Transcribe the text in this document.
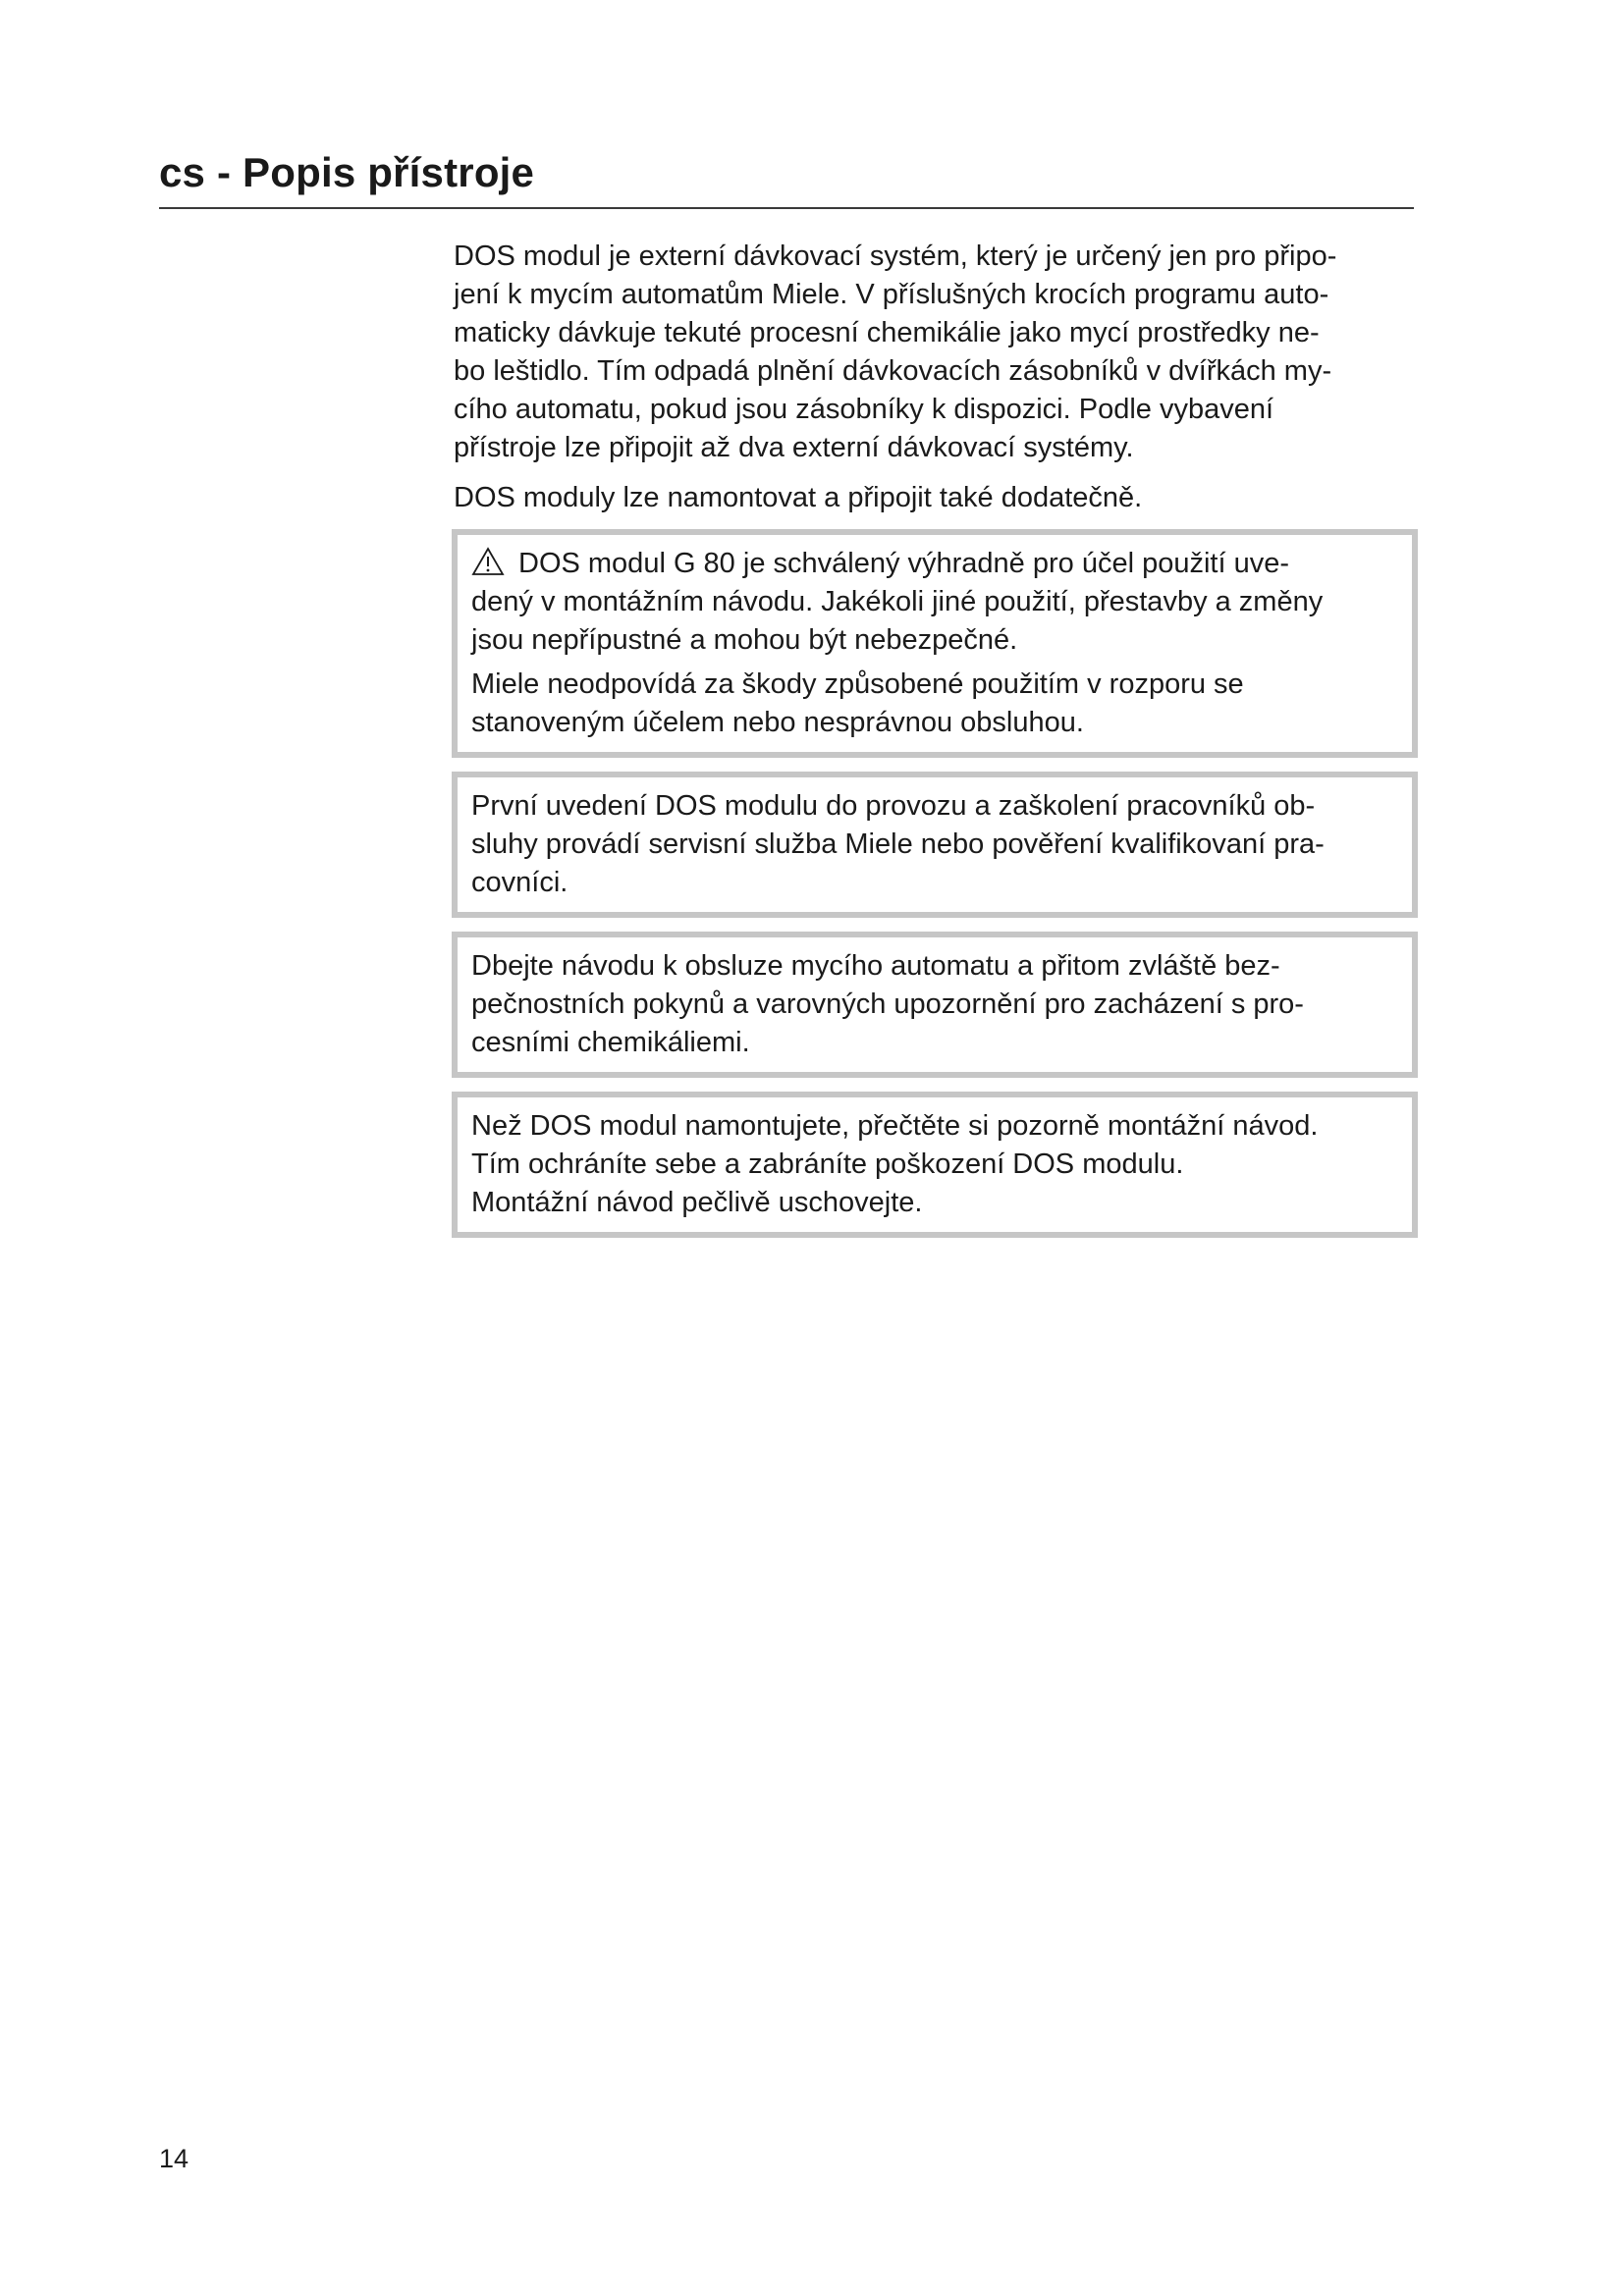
cs - Popis přístroje

DOS modul je externí dávkovací systém, který je určený jen pro připo-
jení k mycím automatům Miele. V příslušných krocích programu auto-
maticky dávkuje tekuté procesní chemikálie jako mycí prostředky ne-
bo leštidlo. Tím odpadá plnění dávkovacích zásobníků v dvířkách my-
cího automatu, pokud jsou zásobníky k dispozici. Podle vybavení
přístroje lze připojit až dva externí dávkovací systémy.

DOS moduly lze namontovat a připojit také dodatečně.

DOS modul G 80 je schválený výhradně pro účel použití uve-
dený v montážním návodu. Jakékoli jiné použití, přestavby a změny
jsou nepřípustné a mohou být nebezpečné.

Miele neodpovídá za škody způsobené použitím v rozporu se
stanoveným účelem nebo nesprávnou obsluhou.

První uvedení DOS modulu do provozu a zaškolení pracovníků ob-
sluhy provádí servisní služba Miele nebo pověření kvalifikovaní pra-
covníci.

Dbejte návodu k obsluze mycího automatu a přitom zvláště bez-
pečnostních pokynů a varovných upozornění pro zacházení s pro-
cesními chemikáliemi.

Než DOS modul namontujete, přečtěte si pozorně montážní návod.
Tím ochráníte sebe a zabráníte poškození DOS modulu.
Montážní návod pečlivě uschovejte.

14
